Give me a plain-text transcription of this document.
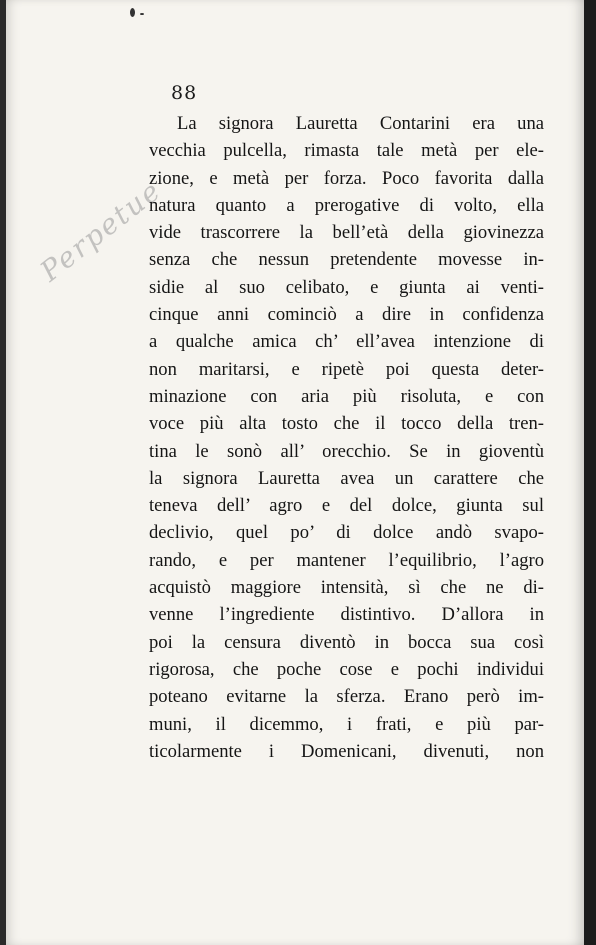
88
Perpetue
La signora Lauretta Contarini era una
vecchia pulcella, rimasta tale metà per ele-
zione, e metà per forza. Poco favorita dalla
natura quanto a prerogative di volto, ella
vide trascorrere la bell’età della giovinezza
senza che nessun pretendente movesse in-
sidie al suo celibato, e giunta ai venti-
cinque anni cominciò a dire in confidenza
a qualche amica ch’ ell’avea intenzione di
non maritarsi, e ripetè poi questa deter-
minazione con aria più risoluta, e con
voce più alta tosto che il tocco della tren-
tina le sonò all’ orecchio. Se in gioventù
la signora Lauretta avea un carattere che
teneva dell’ agro e del dolce, giunta sul
declivio, quel po’ di dolce andò svapo-
rando, e per mantener l’equilibrio, l’agro
acquistò maggiore intensità, sì che ne di-
venne l’ingrediente distintivo. D’allora in
poi la censura diventò in bocca sua così
rigorosa, che poche cose e pochi individui
poteano evitarne la sferza. Erano però im-
muni, il dicemmo, i frati, e più par-
ticolarmente i Domenicani, divenuti, non
